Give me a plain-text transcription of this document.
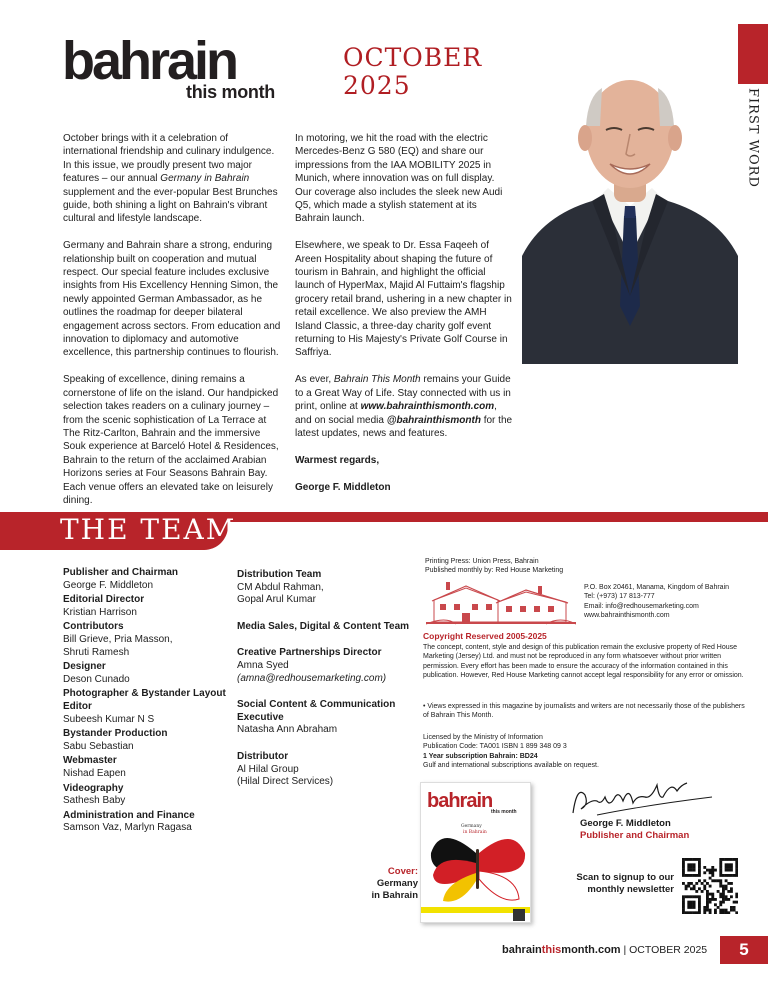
bahrain
this month
OCTOBER
2025
FIRST WORD

October brings with it a celebration of international friendship and culinary indulgence. In this issue, we proudly present two major features – our annual Germany in Bahrain supplement and the ever-popular Best Brunches guide, both shining a light on Bahrain's vibrant cultural and lifestyle landscape.

Germany and Bahrain share a strong, enduring relationship built on cooperation and mutual respect. Our special feature includes exclusive insights from His Excellency Henning Simon, the newly appointed German Ambassador, as he outlines the roadmap for deeper bilateral engagement across sectors. From education and innovation to diplomacy and automotive excellence, this partnership continues to flourish.

Speaking of excellence, dining remains a cornerstone of life on the island. Our handpicked selection takes readers on a culinary journey – from the scenic sophistication of La Terrace at The Ritz-Carlton, Bahrain and the immersive Souk experience at Barceló Hotel & Residences, Bahrain to the return of the acclaimed Arabian Horizons series at Four Seasons Bahrain Bay. Each venue offers an elevated take on leisurely dining.

In motoring, we hit the road with the electric Mercedes-Benz G 580 (EQ) and share our impressions from the IAA MOBILITY 2025 in Munich, where innovation was on full display. Our coverage also includes the sleek new Audi Q5, which made a stylish statement at its Bahrain launch.

Elsewhere, we speak to Dr. Essa Faqeeh of Areen Hospitality about shaping the future of tourism in Bahrain, and highlight the official launch of HyperMax, Majid Al Futtaim's flagship grocery retail brand, ushering in a new chapter in retail excellence. We also preview the AMH Island Classic, a three-day charity golf event returning to His Majesty's Private Golf Course in Saffriya.

As ever, Bahrain This Month remains your Guide to a Great Way of Life. Stay connected with us in print, online at www.bahrainthismonth.com, and on social media @bahrainthismonth for the latest updates, news and features.

Warmest regards,

George F. Middleton

THE TEAM
Publisher and Chairman
George F. Middleton
Editorial Director
Kristian Harrison
Contributors
Bill Grieve, Pria Masson,
Shruti Ramesh
Designer
Deson Cunado
Photographer & Bystander Layout Editor
Subeesh Kumar N S
Bystander Production
Sabu Sebastian
Webmaster
Nishad Eapen
Videography
Sathesh Baby
Administration and Finance
Samson Vaz, Marlyn Ragasa
Distribution Team
CM Abdul Rahman,
Gopal Arul Kumar
Media Sales, Digital & Content Team
Creative Partnerships Director
Amna Syed
(amna@redhousemarketing.com)
Social Content & Communication Executive
Natasha Ann Abraham
Distributor
Al Hilal Group
(Hilal Direct Services)
Printing Press: Union Press, Bahrain
Published monthly by: Red House Marketing
P.O. Box 20461, Manama, Kingdom of Bahrain
Tel: (+973) 17 813-777
Email: info@redhousemarketing.com
www.bahrainthismonth.com
Copyright Reserved 2005-2025
The concept, content, style and design of this publication remain the exclusive property of Red House Marketing (Jersey) Ltd. and must not be reproduced in any form whatsoever without prior written permission. Every effort has been made to ensure the accuracy of the information contained in this publication. However, Red House Marketing cannot accept legal responsibility for any error or omission.
• Views expressed in this magazine by journalists and writers are not necessarily those of the publishers of Bahrain This Month.
Licensed by the Ministry of Information
Publication Code: TA001 ISBN 1 899 348 09 3
1 Year subscription Bahrain: BD24
Gulf and international subscriptions available on request.
bahrain
this month
Germany
in Bahrain
Cover:
Germany
in Bahrain
George F. Middleton
Publisher and Chairman
Scan to signup to our
monthly newsletter
bahrainthismonth.com | OCTOBER 2025	5
